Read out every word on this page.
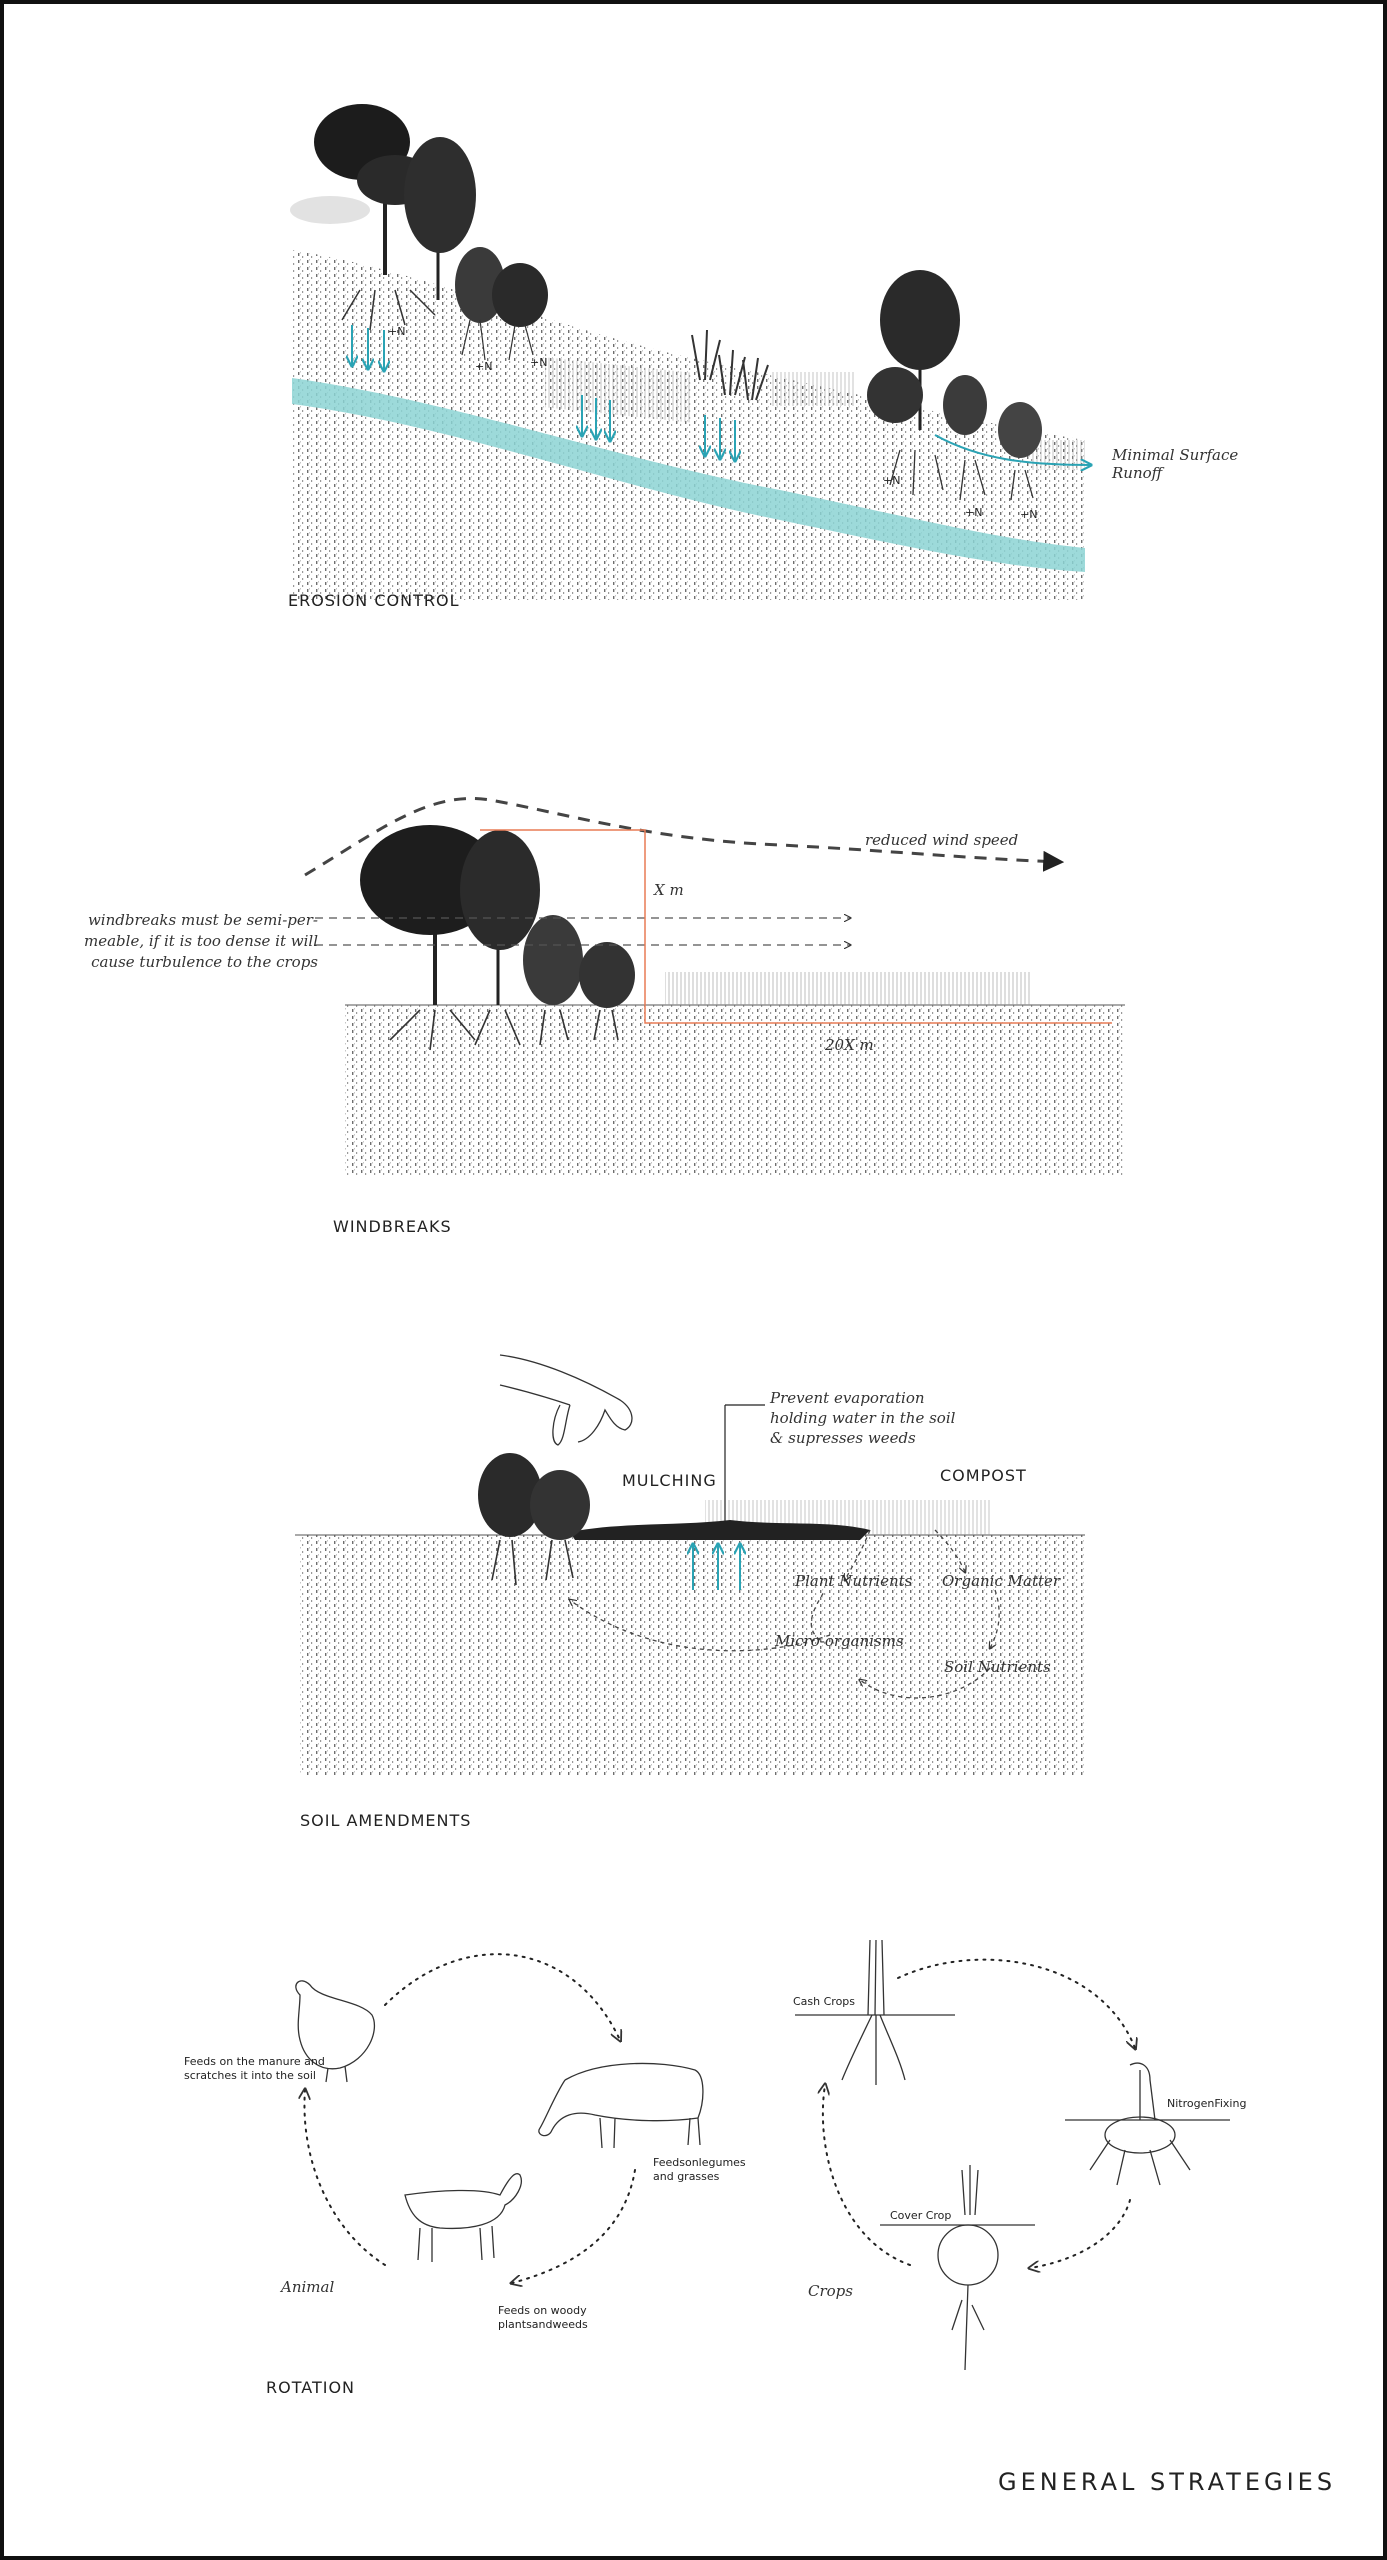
+N
+N	+N
+N
+N	+N
Minimal Surface
Runoff
EROSION CONTROL
X m
20X m
reduced wind speed
windbreaks must be semi-per-
meable, if it is too dense it will
cause turbulence to the crops
WINDBREAKS
Prevent evaporation
holding water in the soil
& supresses weeds
MULCHING	COMPOST
Plant Nutrients Organic Matter
Micro-organisms
Soil Nutrients
SOIL AMENDMENTS
Feeds on the manure and
scratches it into the soil
Feedsonlegumes
and grasses
Feeds on woody
plantsandweeds
Animal
Cash Crops
NitrogenFixing
Cover Crop
Crops
ROTATION
GENERAL STRATEGIES
